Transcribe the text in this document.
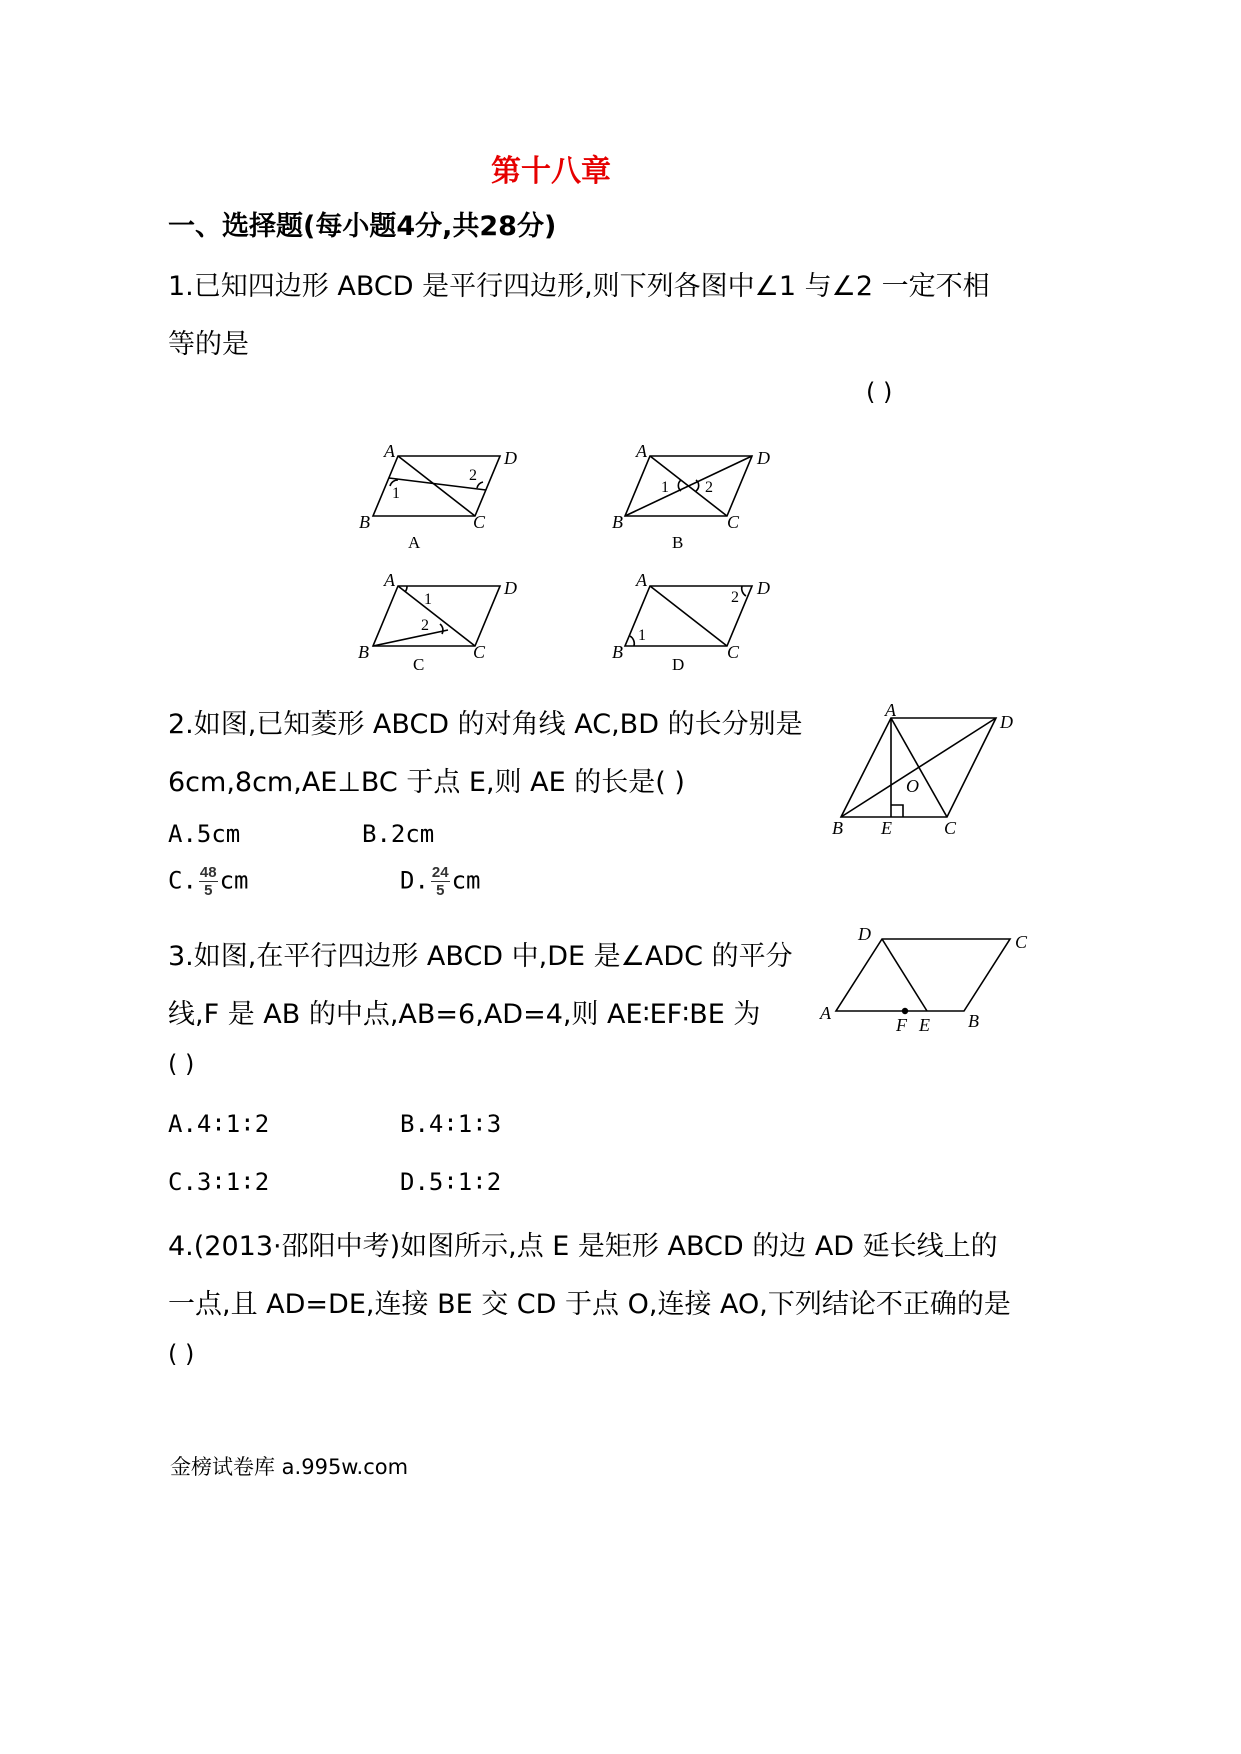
第十八章
一、选择题(每小题4分,共28分)
1.已知四边形 ABCD 是平行四边形,则下列各图中∠1 与∠2 一定不相
等的是
( )
A	D
B	C
1
2
A
A	D
B	C
1 2
B
A	D
B	C
1
2
C
A	D
B	C
1
2
D
2.如图,已知菱形 ABCD 的对角线 AC,BD 的长分别是
6cm,8cm,AE⊥BC 于点 E,则 AE 的长是( )
A.5cm	B.2cm
C. $\frac{48}{5}$ cm	D. $\frac{24}{5}$ cm
A
D
B E	C
O
3.如图,在平行四边形 ABCD 中,DE 是∠ADC 的平分
线,F 是 AB 的中点,AB=6,AD=4,则 AE∶EF∶BE 为
( )
A.4∶1∶2	B.4∶1∶3
C.3∶1∶2	D.5∶1∶2
D	C
A
F E B
4.(2013·邵阳中考)如图所示,点 E 是矩形 ABCD 的边 AD 延长线上的
一点,且 AD=DE,连接 BE 交 CD 于点 O,连接 AO,下列结论不正确的是
( )
金榜试卷库 a.995w.com
